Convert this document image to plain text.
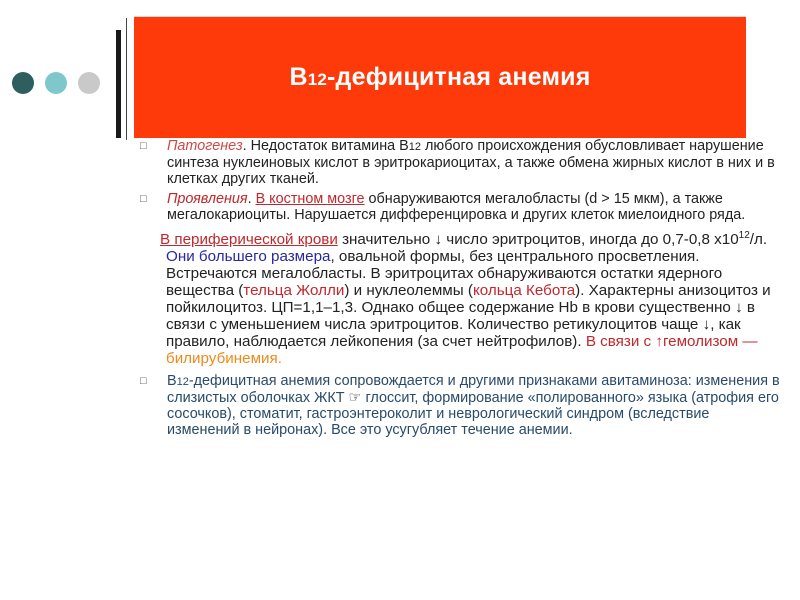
B12-дефицитная анемия
□ Патогенез. Недостаток витамина B12 любого происхождения обусловливает нарушение синтеза нуклеиновых кислот в эритрокариоцитах, а также обмена жирных кислот в них и в клетках других тканей.
□ Проявления. В костном мозге обнаруживаются мегалобласты (d > 15 мкм), а также мегалокариоциты. Нарушается дифференцировка и других клеток миелоидного ряда.
В периферической крови значительно ↓ число эритроцитов, иногда до 0,7-0,8 $х10^{12}/л$. Они большего размера, овальной формы, без центрального просветления. Встречаются мегалобласты. В эритроцитах обнаруживаются остатки ядерного вещества (тельца Жолли) и нуклеолеммы (кольца Кебота). Характерны анизоцитоз и пойкилоцитоз. ЦП=1,1–1,3. Однако общее содержание Hb в крови существенно ↓ в связи с уменьшением числа эритроцитов. Количество ретикулоцитов чаще ↓, как правило, наблюдается лейкопения (за счет нейтрофилов). В связи с ↑гемолизом — билирубинемия.
□ B12-дефицитная анемия сопровождается и другими признаками авитаминоза: изменения в слизистых оболочках ЖКТ ☞ глоссит, формирование «полированного» языка (атрофия его сосочков), стоматит, гастроэнтероколит и неврологический синдром (вследствие изменений в нейронах). Все это усугубляет течение анемии.
